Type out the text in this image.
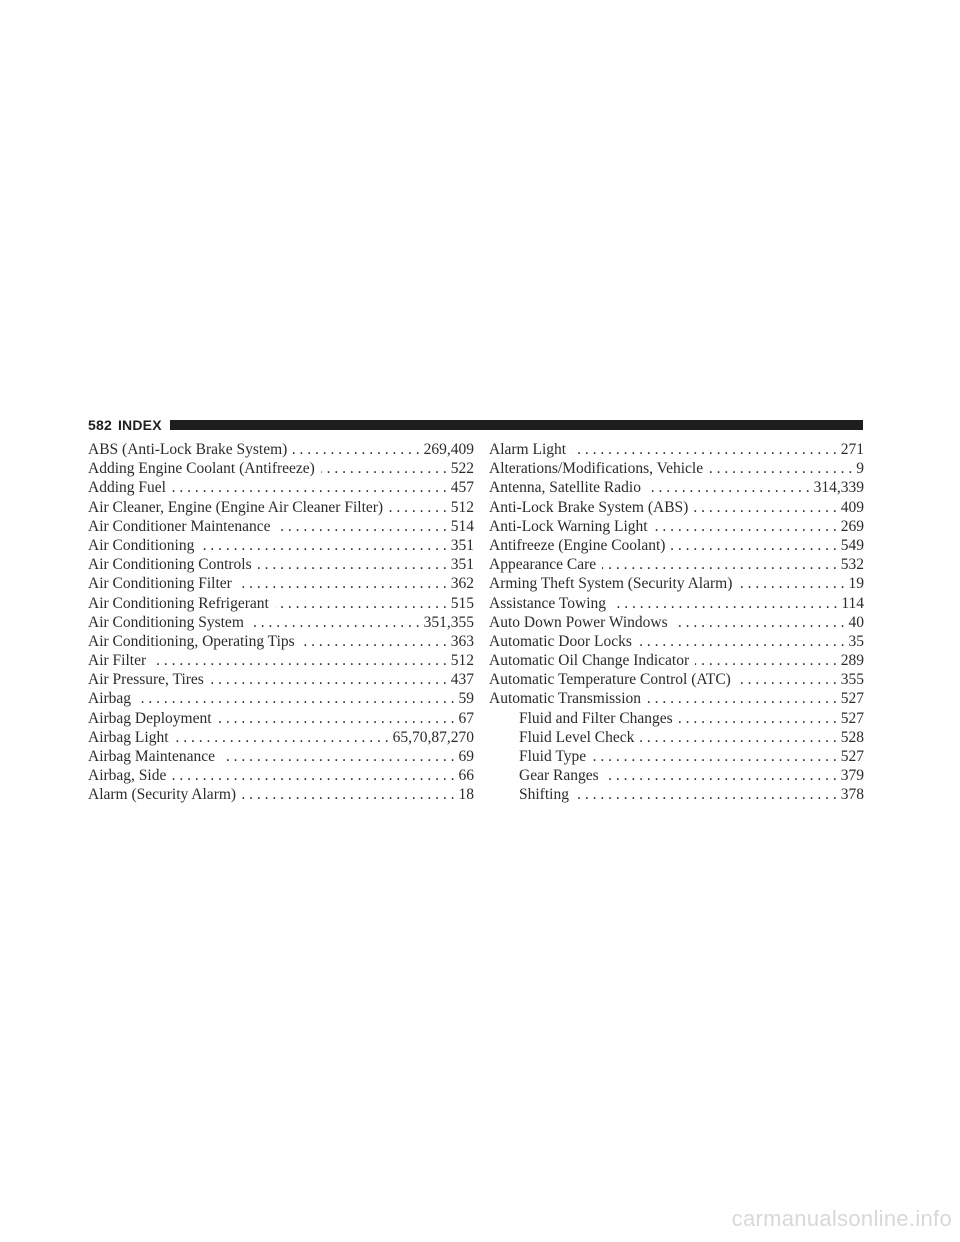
582 INDEX
ABS (Anti-Lock Brake System) . . .	269,409
Adding Engine Coolant (Antifreeze) . . .	522
Adding Fuel . . .	457
Air Cleaner, Engine (Engine Air Cleaner Filter) . . .	512
Air Conditioner Maintenance . . .	514
Air Conditioning . . .	351
Air Conditioning Controls . . .	351
Air Conditioning Filter . . .	362
Air Conditioning Refrigerant . . .	515
Air Conditioning System . . .	351,355
Air Conditioning, Operating Tips . . .	363
Air Filter . . .	512
Air Pressure, Tires . . .	437
Airbag . . .	59
Airbag Deployment . . .	67
Airbag Light . . .	65,70,87,270
Airbag Maintenance . . .	69
Airbag, Side . . .	66
Alarm (Security Alarm) . . .	18
Alarm Light . . .	271
Alterations/Modifications, Vehicle . . .	9
Antenna, Satellite Radio . . .	314,339
Anti-Lock Brake System (ABS) . . .	409
Anti-Lock Warning Light . . .	269
Antifreeze (Engine Coolant) . . .	549
Appearance Care . . .	532
Arming Theft System (Security Alarm) . . .	19
Assistance Towing . . .	114
Auto Down Power Windows . . .	40
Automatic Door Locks . . .	35
Automatic Oil Change Indicator . . .	289
Automatic Temperature Control (ATC) . . .	355
Automatic Transmission . . .	527
Fluid and Filter Changes . . .	527
Fluid Level Check . . .	528
Fluid Type . . .	527
Gear Ranges . . .	379
Shifting . . .	378
carmanualsonline.info
